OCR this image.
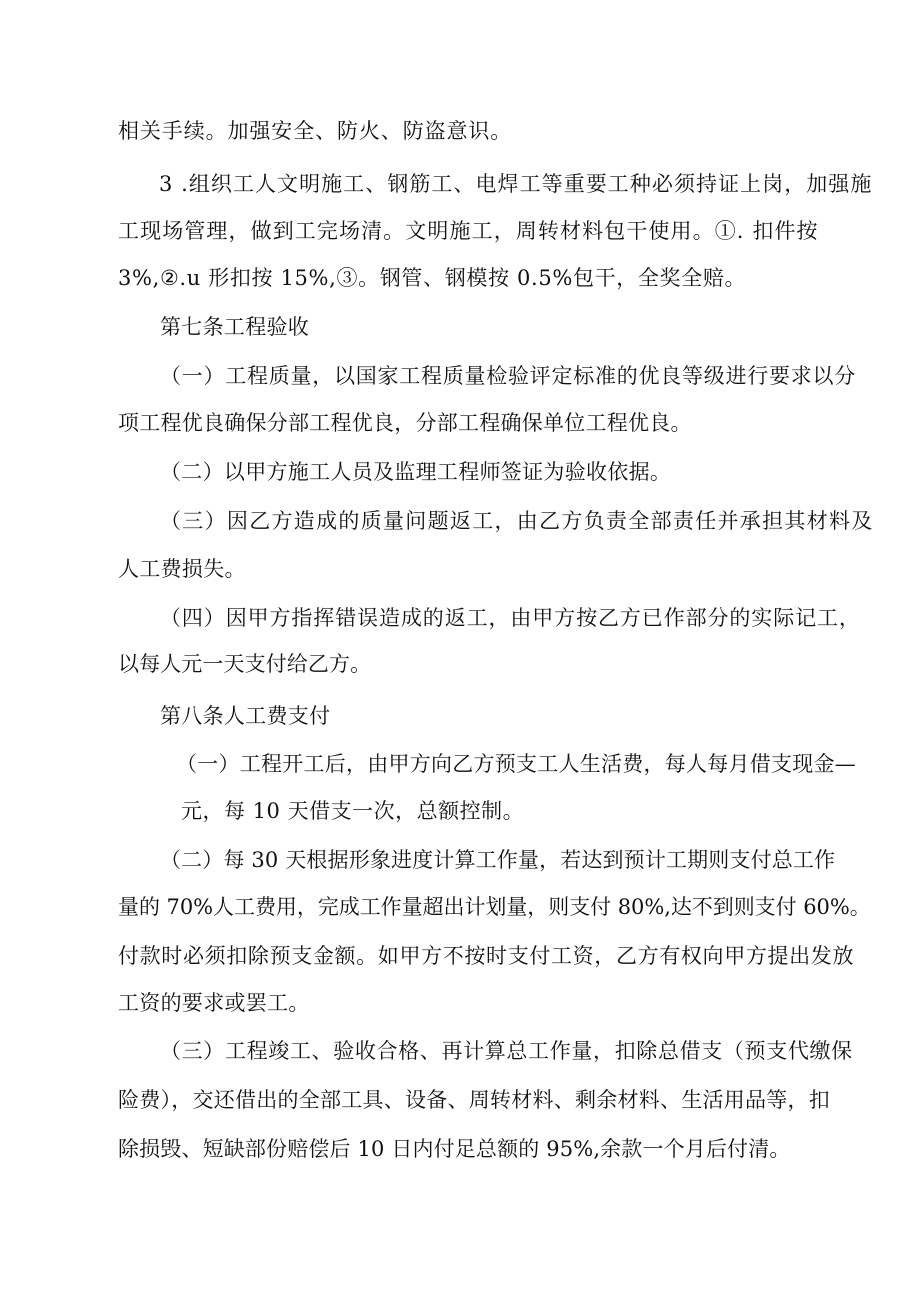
相关手续。加强安全、防火、防盗意识。
3 .组织工人文明施工、钢筋工、电焊工等重要工种必须持证上岗，加强施
工现场管理，做到工完场清。文明施工，周转材料包干使用。①. 扣件按
3%,②.u 形扣按 15%,③。钢管、钢模按 0.5%包干，全奖全赔。
第七条工程验收
（一）工程质量，以国家工程质量检验评定标准的优良等级进行要求以分
项工程优良确保分部工程优良，分部工程确保单位工程优良。
（二）以甲方施工人员及监理工程师签证为验收依据。
（三）因乙方造成的质量问题返工，由乙方负责全部责任并承担其材料及
人工费损失。
（四）因甲方指挥错误造成的返工，由甲方按乙方已作部分的实际记工，
以每人元一天支付给乙方。
第八条人工费支付
（一）工程开工后，由甲方向乙方预支工人生活费，每人每月借支现金—
元，每 10 天借支一次，总额控制。
（二）每 30 天根据形象进度计算工作量，若达到预计工期则支付总工作
量的 70%人工费用，完成工作量超出计划量，则支付 80%,达不到则支付 60%。
付款时必须扣除预支金额。如甲方不按时支付工资，乙方有权向甲方提出发放
工资的要求或罢工。
（三）工程竣工、验收合格、再计算总工作量，扣除总借支（预支代缴保
险费），交还借出的全部工具、设备、周转材料、剩余材料、生活用品等，扣
除损毁、短缺部份赔偿后 10 日内付足总额的 95%,余款一个月后付清。
